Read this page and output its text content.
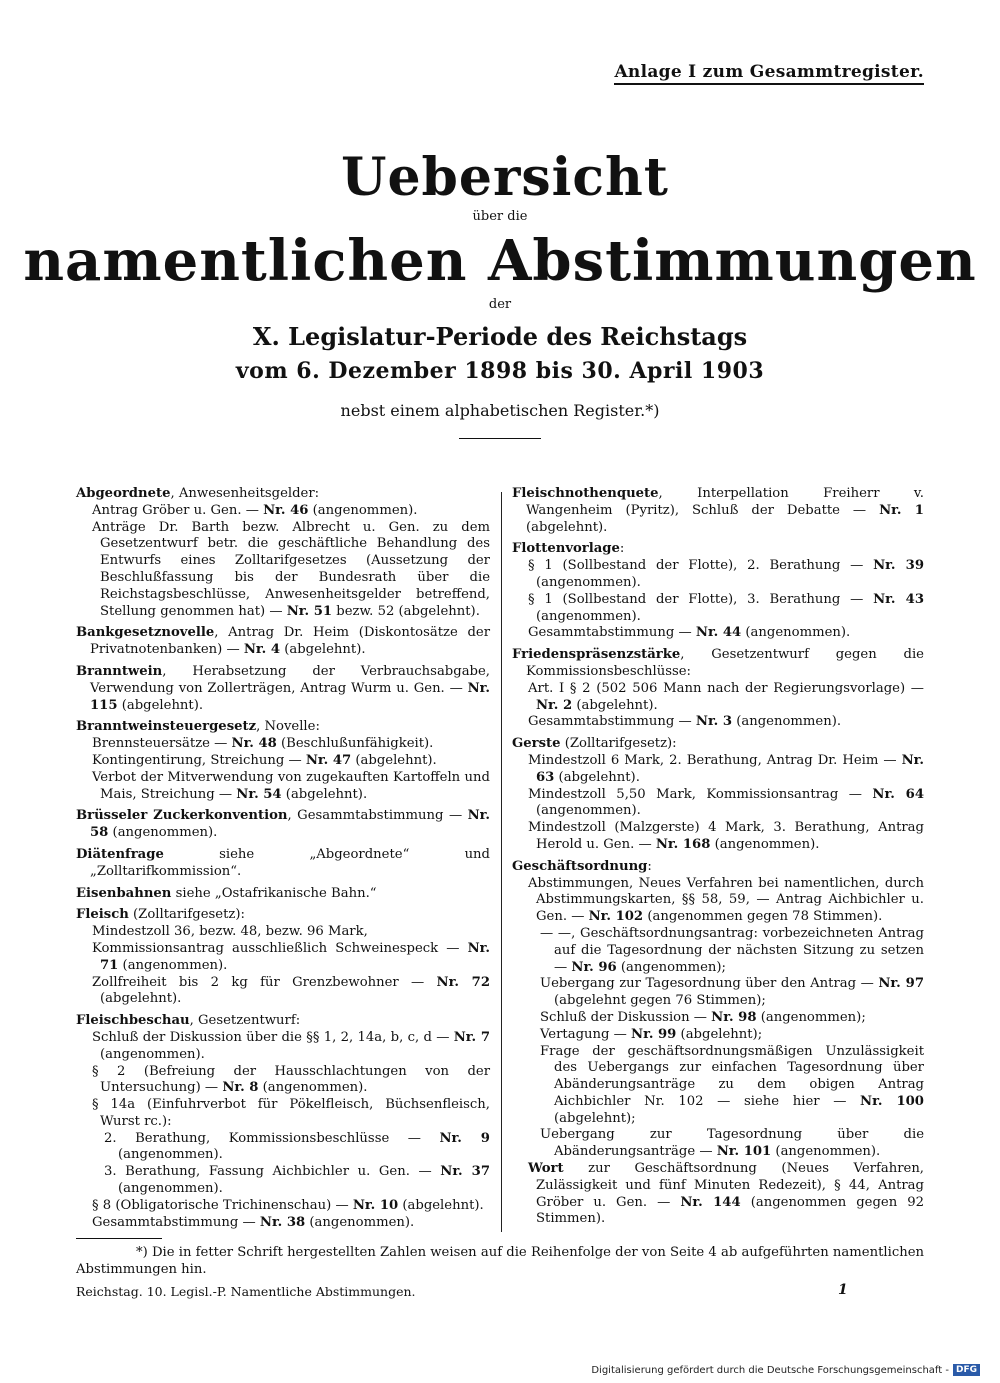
Anlage I zum Gesammtregister.
Uebersicht
über die
namentlichen Abstimmungen
der
X. Legislatur-Periode des Reichstags
vom 6. Dezember 1898 bis 30. April 1903
nebst einem alphabetischen Register.*)

Abgeordnete, Anwesenheitsgelder:

Antrag Gröber u. Gen. — Nr. 46 (angenommen).

Anträge Dr. Barth bezw. Albrecht u. Gen. zu dem Gesetzentwurf betr. die geschäftliche Behandlung des Entwurfs eines Zolltarifgesetzes (Aussetzung der Beschlußfassung bis der Bundesrath über die Reichstagsbeschlüsse, Anwesenheitsgelder betreffend, Stellung genommen hat) — Nr. 51 bezw. 52 (abgelehnt).

Bankgesetznovelle, Antrag Dr. Heim (Diskontosätze der Privatnotenbanken) — Nr. 4 (abgelehnt).

Branntwein, Herabsetzung der Verbrauchsabgabe, Verwendung von Zollerträgen, Antrag Wurm u. Gen. — Nr. 115 (abgelehnt).

Branntweinsteuergesetz, Novelle:

Brennsteuersätze — Nr. 48 (Beschlußunfähigkeit).

Kontingentirung, Streichung — Nr. 47 (abgelehnt).

Verbot der Mitverwendung von zugekauften Kartoffeln und Mais, Streichung — Nr. 54 (abgelehnt).

Brüsseler Zuckerkonvention, Gesammtabstimmung — Nr. 58 (angenommen).

Diätenfrage siehe „Abgeordnete“ und „Zolltarifkommission“.

Eisenbahnen siehe „Ostafrikanische Bahn.“

Fleisch (Zolltarifgesetz):

Mindestzoll 36, bezw. 48, bezw. 96 Mark,

Kommissionsantrag ausschließlich Schweinespeck — Nr. 71 (angenommen).

Zollfreiheit bis 2 kg für Grenzbewohner — Nr. 72 (abgelehnt).

Fleischbeschau, Gesetzentwurf:

Schluß der Diskussion über die §§ 1, 2, 14a, b, c, d — Nr. 7 (angenommen).

§ 2 (Befreiung der Hausschlachtungen von der Untersuchung) — Nr. 8 (angenommen).

§ 14a (Einfuhrverbot für Pökelfleisch, Büchsenfleisch, Wurst rc.):

2. Berathung, Kommissionsbeschlüsse — Nr. 9 (angenommen).

3. Berathung, Fassung Aichbichler u. Gen. — Nr. 37 (angenommen).

§ 8 (Obligatorische Trichinenschau) — Nr. 10 (abgelehnt).

Gesammtabstimmung — Nr. 38 (angenommen).

Fleischnothenquete, Interpellation Freiherr v. Wangenheim (Pyritz), Schluß der Debatte — Nr. 1 (abgelehnt).

Flottenvorlage:

§ 1 (Sollbestand der Flotte), 2. Berathung — Nr. 39 (angenommen).

§ 1 (Sollbestand der Flotte), 3. Berathung — Nr. 43 (angenommen).

Gesammtabstimmung — Nr. 44 (angenommen).

Friedenspräsenzstärke, Gesetzentwurf gegen die Kommissionsbeschlüsse:

Art. I § 2 (502 506 Mann nach der Regierungsvorlage) — Nr. 2 (abgelehnt).

Gesammtabstimmung — Nr. 3 (angenommen).

Gerste (Zolltarifgesetz):

Mindestzoll 6 Mark, 2. Berathung, Antrag Dr. Heim — Nr. 63 (abgelehnt).

Mindestzoll 5,50 Mark, Kommissionsantrag — Nr. 64 (angenommen).

Mindestzoll (Malzgerste) 4 Mark, 3. Berathung, Antrag Herold u. Gen. — Nr. 168 (angenommen).

Geschäftsordnung:

Abstimmungen, Neues Verfahren bei namentlichen, durch Abstimmungskarten, §§ 58, 59, — Antrag Aichbichler u. Gen. — Nr. 102 (angenommen gegen 78 Stimmen).

— —, Geschäftsordnungsantrag: vorbezeichneten Antrag auf die Tagesordnung der nächsten Sitzung zu setzen — Nr. 96 (angenommen);

Uebergang zur Tagesordnung über den Antrag — Nr. 97 (abgelehnt gegen 76 Stimmen);

Schluß der Diskussion — Nr. 98 (angenommen);

Vertagung — Nr. 99 (abgelehnt);

Frage der geschäftsordnungsmäßigen Unzulässigkeit des Uebergangs zur einfachen Tagesordnung über Abänderungsanträge zu dem obigen Antrag Aichbichler Nr. 102 — siehe hier — Nr. 100 (abgelehnt);

Uebergang zur Tagesordnung über die Abänderungsanträge — Nr. 101 (angenommen).

Wort zur Geschäftsordnung (Neues Verfahren, Zulässigkeit und fünf Minuten Redezeit), § 44, Antrag Gröber u. Gen. — Nr. 144 (angenommen gegen 92 Stimmen).

*) Die in fetter Schrift hergestellten Zahlen weisen auf die Reihenfolge der von Seite 4 ab aufgeführten namentlichen Abstimmungen hin.
Reichstag. 10. Legisl.-P. Namentliche Abstimmungen.	1
Digitalisierung gefördert durch die Deutsche Forschungsgemeinschaft - DFG
